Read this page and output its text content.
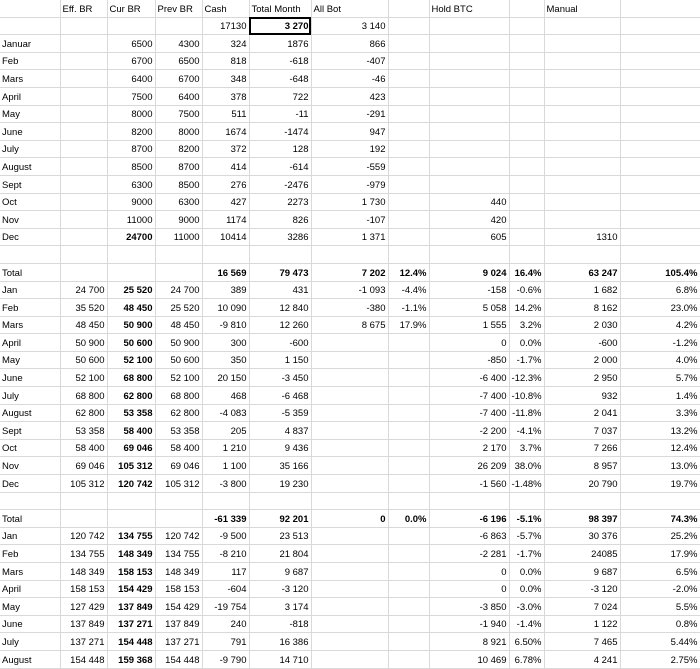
	Eff. BR	Cur BR	Prev BR	Cash	Total Month	All Bot		Hold BTC		Manual	
				17130	3 270	3 140					
Januar		6500	4300	324	1876	866					
Feb		6700	6500	818	-618	-407					
Mars		6400	6700	348	-648	-46					
April		7500	6400	378	722	423					
May		8000	7500	511	-11	-291					
June		8200	8000	1674	-1474	947					
July		8700	8200	372	128	192					
August		8500	8700	414	-614	-559					
Sept		6300	8500	276	-2476	-979					
Oct		9000	6300	427	2273	1 730		440			
Nov		11000	9000	1174	826	-107		420			
Dec		24700	11000	10414	3286	1 371		605		1310	

Total				16 569	79 473	7 202	12.4%	9 024	16.4%	63 247	105.4%
Jan	24 700	25 520	24 700	389	431	-1 093	-4.4%	-158	-0.6%	1 682	6.8%
Feb	35 520	48 450	25 520	10 090	12 840	-380	-1.1%	5 058	14.2%	8 162	23.0%
Mars	48 450	50 900	48 450	-9 810	12 260	8 675	17.9%	1 555	3.2%	2 030	4.2%
April	50 900	50 600	50 900	300	-600			0	0.0%	-600	-1.2%
May	50 600	52 100	50 600	350	1 150			-850	-1.7%	2 000	4.0%
June	52 100	68 800	52 100	20 150	-3 450			-6 400	-12.3%	2 950	5.7%
July	68 800	62 800	68 800	468	-6 468			-7 400	-10.8%	932	1.4%
August	62 800	53 358	62 800	-4 083	-5 359			-7 400	-11.8%	2 041	3.3%
Sept	53 358	58 400	53 358	205	4 837			-2 200	-4.1%	7 037	13.2%
Oct	58 400	69 046	58 400	1 210	9 436			2 170	3.7%	7 266	12.4%
Nov	69 046	105 312	69 046	1 100	35 166			26 209	38.0%	8 957	13.0%
Dec	105 312	120 742	105 312	-3 800	19 230			-1 560	-1.48%	20 790	19.7%

Total				-61 339	92 201	0	0.0%	-6 196	-5.1%	98 397	74.3%
Jan	120 742	134 755	120 742	-9 500	23 513			-6 863	-5.7%	30 376	25.2%
Feb	134 755	148 349	134 755	-8 210	21 804			-2 281	-1.7%	24085	17.9%
Mars	148 349	158 153	148 349	117	9 687			0	0.0%	9 687	6.5%
April	158 153	154 429	158 153	-604	-3 120			0	0.0%	-3 120	-2.0%
May	127 429	137 849	154 429	-19 754	3 174			-3 850	-3.0%	7 024	5.5%
June	137 849	137 271	137 849	240	-818			-1 940	-1.4%	1 122	0.8%
July	137 271	154 448	137 271	791	16 386			8 921	6.50%	7 465	5.44%
August	154 448	159 368	154 448	-9 790	14 710			10 469	6.78%	4 241	2.75%
